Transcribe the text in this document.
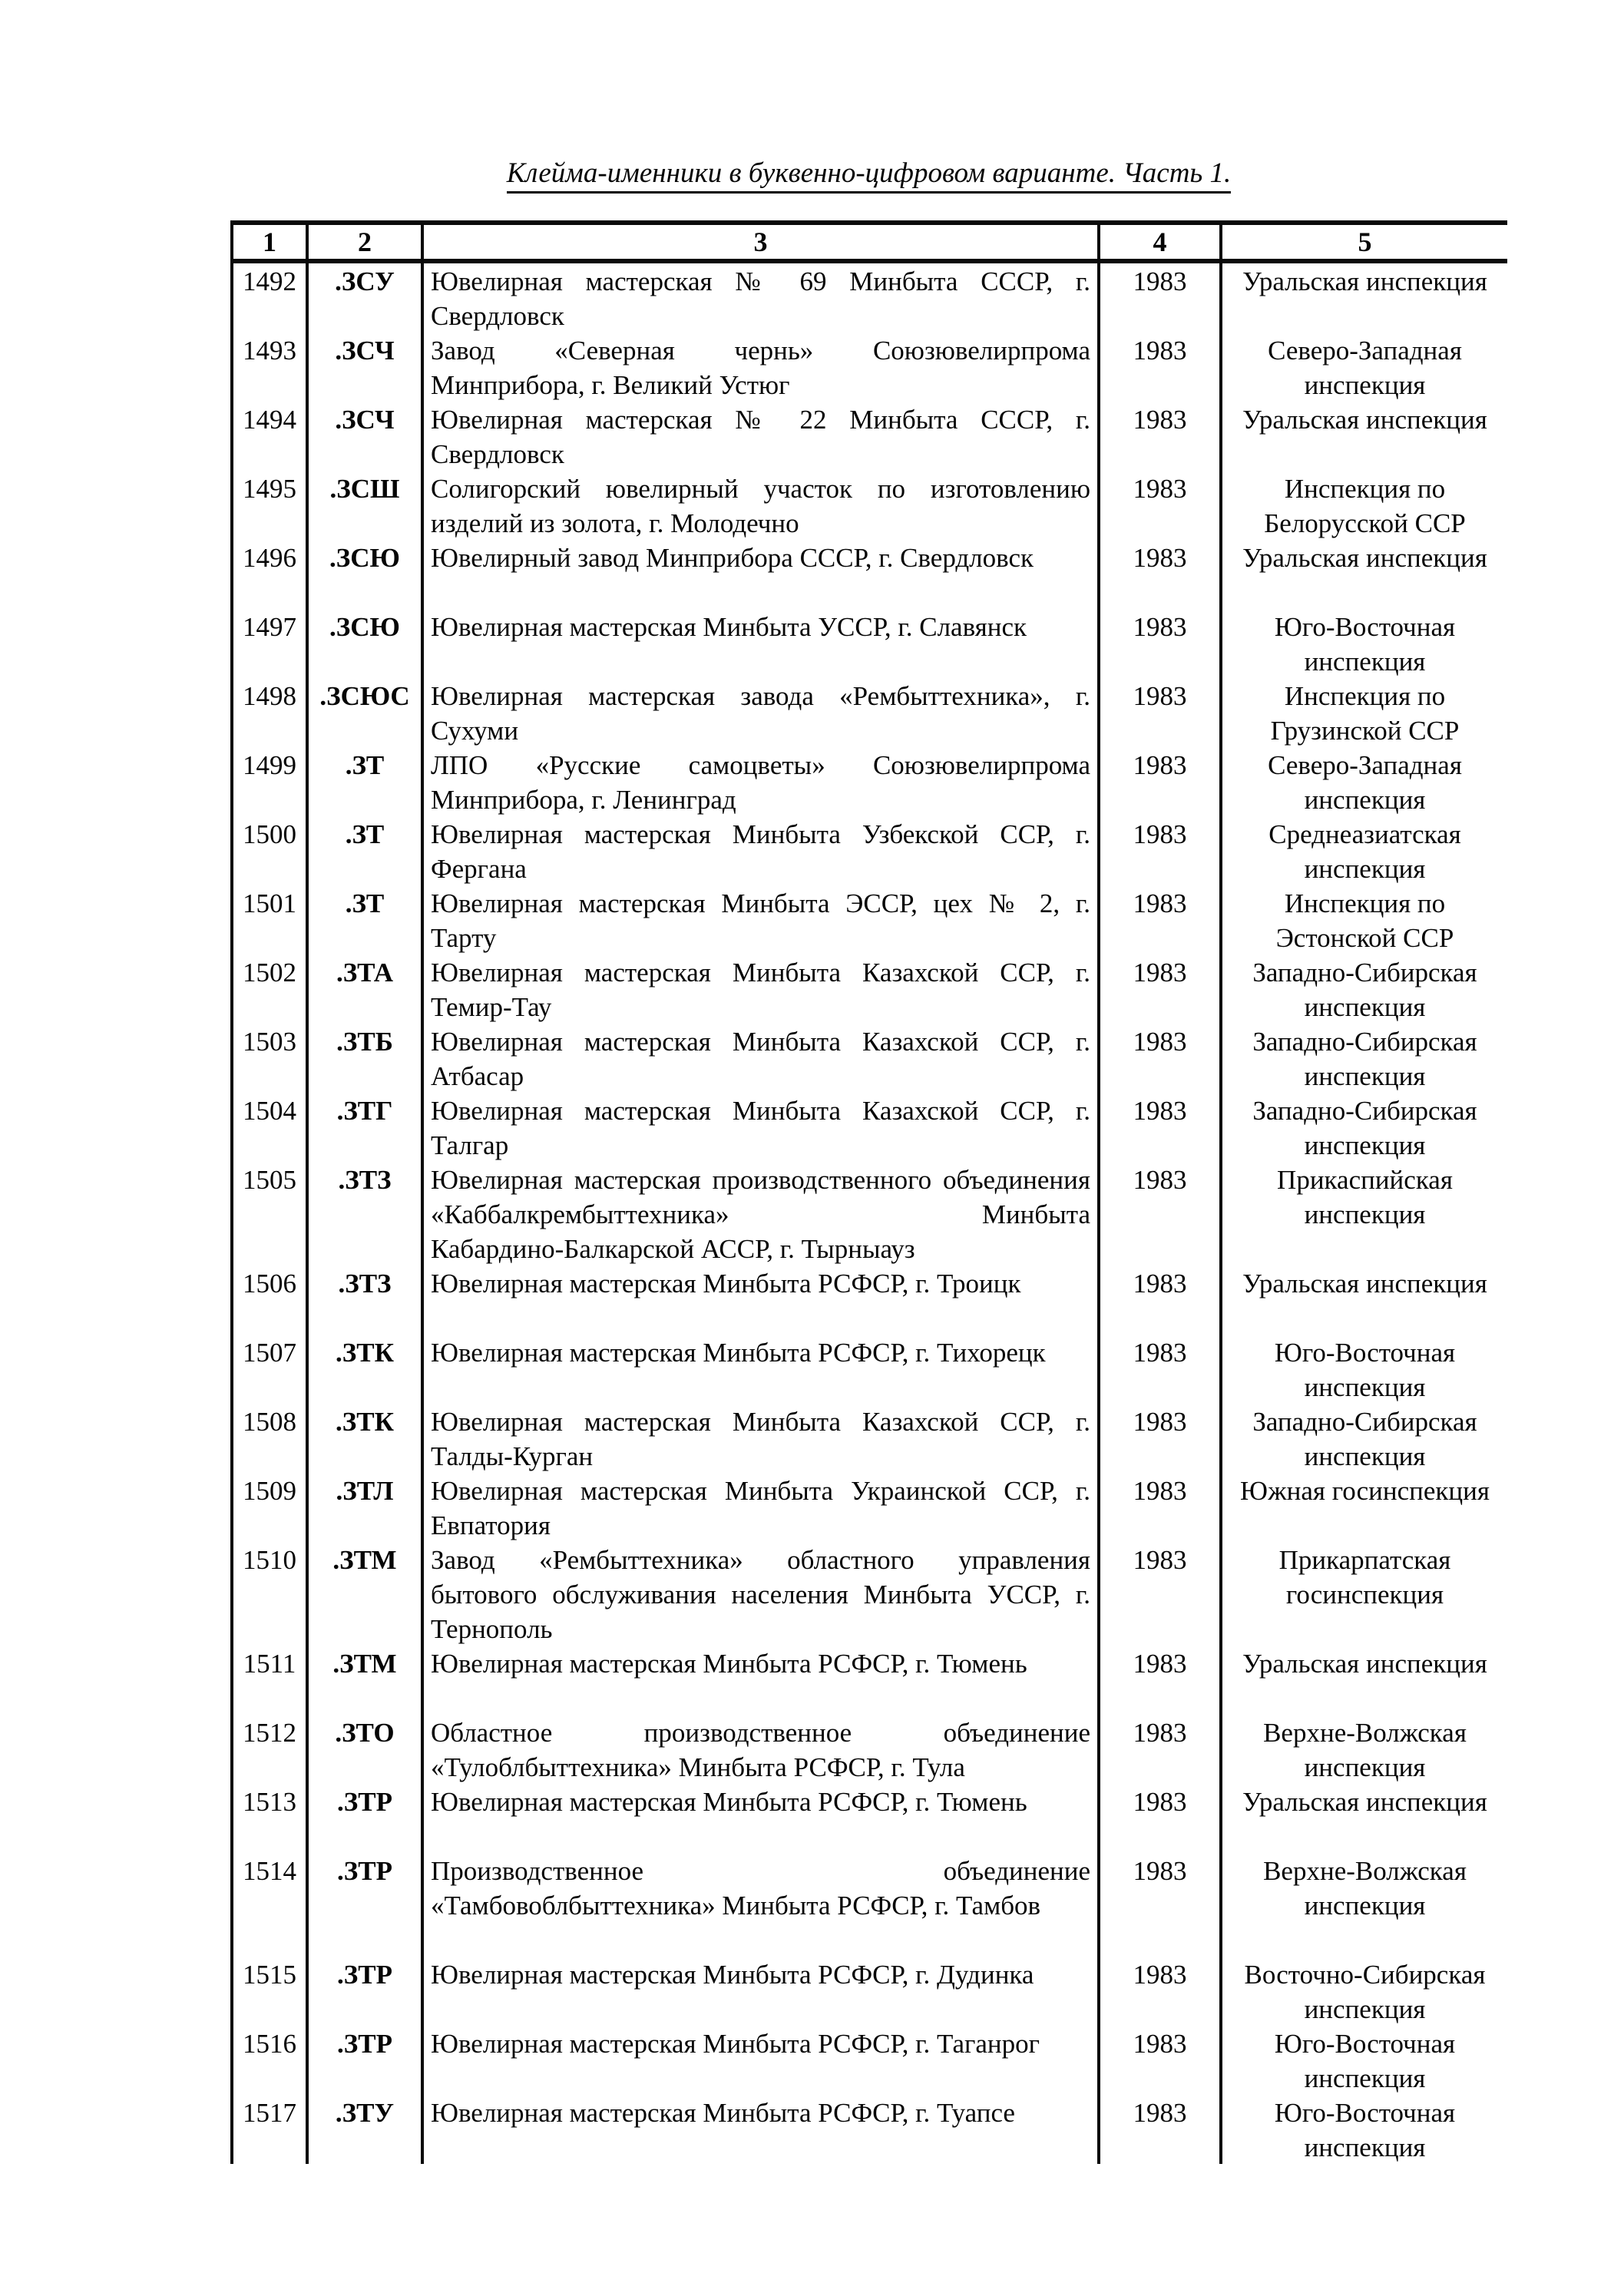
Клейма-именники в буквенно-цифровом варианте. Часть 1.
1	2	3	4	5
1492	.ЗСУ	Ювелирная мастерская № 69 Минбыта СССР, г.
Свердловск
1983	Уральская инспекция
1493	.ЗСЧ	Завод «Северная чернь» Союзювелирпрома
Минприбора, г. Великий Устюг
1983	Северо-Западная
инспекция
1494	.ЗСЧ	Ювелирная мастерская № 22 Минбыта СССР, г.
Свердловск
1983	Уральская инспекция
1495	.ЗСШ	Солигорский ювелирный участок по изготовлению
изделий из золота, г. Молодечно
1983	Инспекция по
Белорусской ССР
1496	.ЗСЮ	Ювелирный завод Минприбора СССР, г. Свердловск	1983	Уральская инспекция
1497	.ЗСЮ	Ювелирная мастерская Минбыта УССР, г. Славянск	1983	Юго-Восточная
инспекция
1498 .ЗСЮС Ювелирная мастерская завода «Рембыттехника», г.
Сухуми
1983	Инспекция по
Грузинской ССР
1499	.ЗТ	ЛПО «Русские самоцветы» Союзювелирпрома
Минприбора, г. Ленинград
1983	Северо-Западная
инспекция
1500	.ЗТ	Ювелирная мастерская Минбыта Узбекской ССР, г.
Фергана
1983	Среднеазиатская
инспекция
1501	.ЗТ	Ювелирная мастерская Минбыта ЭССР, цех № 2, г.
Тарту
1983	Инспекция по
Эстонской ССР
1502	.ЗТА	Ювелирная мастерская Минбыта Казахской ССР, г.
Темир-Тау
1983	Западно-Сибирская
инспекция
1503	.ЗТБ	Ювелирная мастерская Минбыта Казахской ССР, г.
Атбасар
1983	Западно-Сибирская
инспекция
1504	.ЗТГ	Ювелирная мастерская Минбыта Казахской ССР, г.
Талгар
1983	Западно-Сибирская
инспекция
1505	.ЗТЗ	Ювелирная мастерская производственного объединения
«Каббалкрембыттехника» Минбыта
Кабардино-Балкарской АССР, г. Тырныауз
1983	Прикаспийская
инспекция
1506	.ЗТЗ	Ювелирная мастерская Минбыта РСФСР, г. Троицк	1983	Уральская инспекция
1507	.ЗТК	Ювелирная мастерская Минбыта РСФСР, г. Тихорецк	1983	Юго-Восточная
инспекция
1508	.ЗТК	Ювелирная мастерская Минбыта Казахской ССР, г.
Талды-Курган
1983	Западно-Сибирская
инспекция
1509	.ЗТЛ	Ювелирная мастерская Минбыта Украинской ССР, г.
Евпатория
1983	Южная госинспекция
1510	.ЗТМ	Завод «Рембыттехника» областного управления
бытового обслуживания населения Минбыта УССР, г.
Тернополь
1983	Прикарпатская
госинспекция
1511	.ЗТМ	Ювелирная мастерская Минбыта РСФСР, г. Тюмень	1983	Уральская инспекция
1512	.ЗТО	Областное производственное объединение
«Тулоблбыттехника» Минбыта РСФСР, г. Тула
1983	Верхне-Волжская
инспекция
1513	.ЗТР	Ювелирная мастерская Минбыта РСФСР, г. Тюмень	1983	Уральская инспекция
1514	.ЗТР	Производственное объединение
«Тамбовоблбыттехника» Минбыта РСФСР, г. Тамбов
1983	Верхне-Волжская
инспекция
1515	.ЗТР	Ювелирная мастерская Минбыта РСФСР, г. Дудинка	1983	Восточно-Сибирская
инспекция
1516	.ЗТР	Ювелирная мастерская Минбыта РСФСР, г. Таганрог	1983	Юго-Восточная
инспекция
1517	.ЗТУ	Ювелирная мастерская Минбыта РСФСР, г. Туапсе	1983	Юго-Восточная
инспекция
